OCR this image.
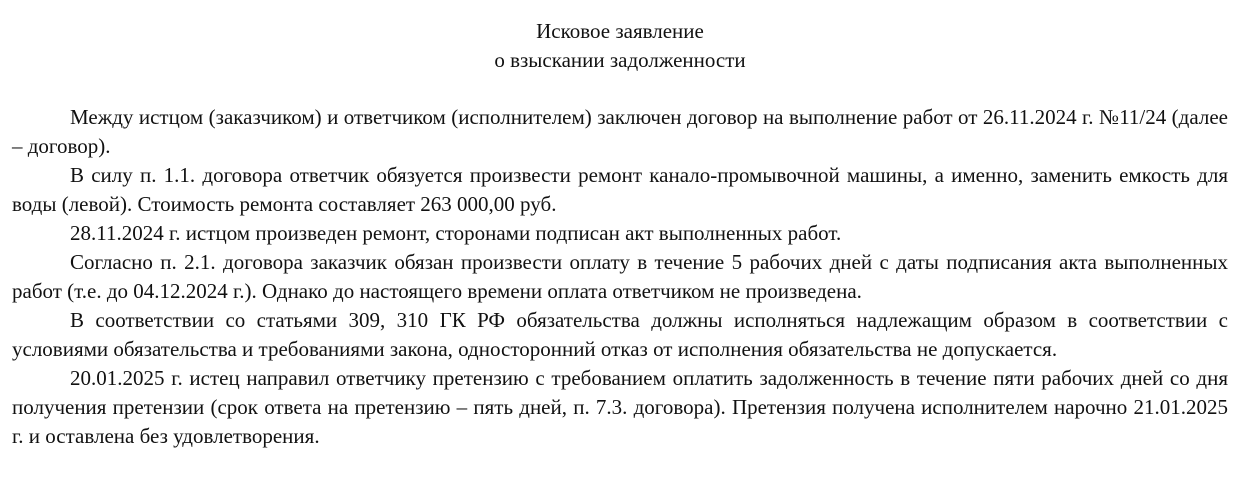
Исковое заявление
о взыскании задолженности

Между истцом (заказчиком) и ответчиком (исполнителем) заключен договор на выполнение работ от 26.11.2024 г. №11/24 (далее – договор).

В силу п. 1.1. договора ответчик обязуется произвести ремонт канало-промывочной машины, а именно, заменить емкость для воды (левой). Стоимость ремонта составляет 263 000,00 руб.

28.11.2024 г. истцом произведен ремонт, сторонами подписан акт выполненных работ.

Согласно п. 2.1. договора заказчик обязан произвести оплату в течение 5 рабочих дней с даты подписания акта выполненных работ (т.е. до 04.12.2024 г.). Однако до настоящего времени оплата ответчиком не произведена.

В соответствии со статьями 309, 310 ГК РФ обязательства должны исполняться надлежащим образом в соответствии с условиями обязательства и требованиями закона, односторонний отказ от исполнения обязательства не допускается.

20.01.2025 г. истец направил ответчику претензию с требованием оплатить задолженность в течение пяти рабочих дней со дня получения претензии (срок ответа на претензию – пять дней, п. 7.3. договора). Претензия получена исполнителем нарочно 21.01.2025 г. и оставлена без удовлетворения.
